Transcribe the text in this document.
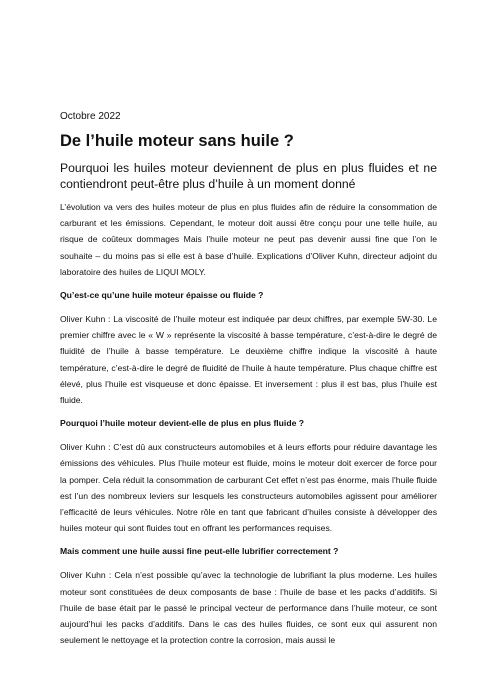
Octobre 2022
De l’huile moteur sans huile ?
Pourquoi les huiles moteur deviennent de plus en plus fluides et ne contiendront peut-être plus d’huile à un moment donné

L’évolution va vers des huiles moteur de plus en plus fluides afin de réduire la consommation de carburant et les émissions. Cependant, le moteur doit aussi être conçu pour une telle huile, au risque de coûteux dommages Mais l’huile moteur ne peut pas devenir aussi fine que l’on le souhaite – du moins pas si elle est à base d’huile. Explications d’Oliver Kuhn, directeur adjoint du laboratoire des huiles de LIQUI MOLY.

Qu’est-ce qu’une huile moteur épaisse ou fluide ?

Oliver Kuhn : La viscosité de l’huile moteur est indiquée par deux chiffres, par exemple 5W-30. Le premier chiffre avec le « W » représente la viscosité à basse température, c’est-à-dire le degré de fluidité de l’huile à basse température. Le deuxième chiffre indique la viscosité à haute température, c’est-à-dire le degré de fluidité de l’huile à haute température. Plus chaque chiffre est élevé, plus l’huile est visqueuse et donc épaisse. Et inversement : plus il est bas, plus l’huile est fluide.

Pourquoi l’huile moteur devient-elle de plus en plus fluide ?

Oliver Kuhn : C’est dû aux constructeurs automobiles et à leurs efforts pour réduire davantage les émissions des véhicules. Plus l’huile moteur est fluide, moins le moteur doit exercer de force pour la pomper. Cela réduit la consommation de carburant Cet effet n’est pas énorme, mais l’huile fluide est l’un des nombreux leviers sur lesquels les constructeurs automobiles agissent pour améliorer l’efficacité de leurs véhicules. Notre rôle en tant que fabricant d’huiles consiste à développer des huiles moteur qui sont fluides tout en offrant les performances requises.

Mais comment une huile aussi fine peut-elle lubrifier correctement ?

Oliver Kuhn : Cela n’est possible qu’avec la technologie de lubrifiant la plus moderne. Les huiles moteur sont constituées de deux composants de base : l’huile de base et les packs d’additifs. Si l’huile de base était par le passé le principal vecteur de performance dans l’huile moteur, ce sont aujourd’hui les packs d’additifs. Dans le cas des huiles fluides, ce sont eux qui assurent non seulement le nettoyage et la protection contre la corrosion, mais aussi le
